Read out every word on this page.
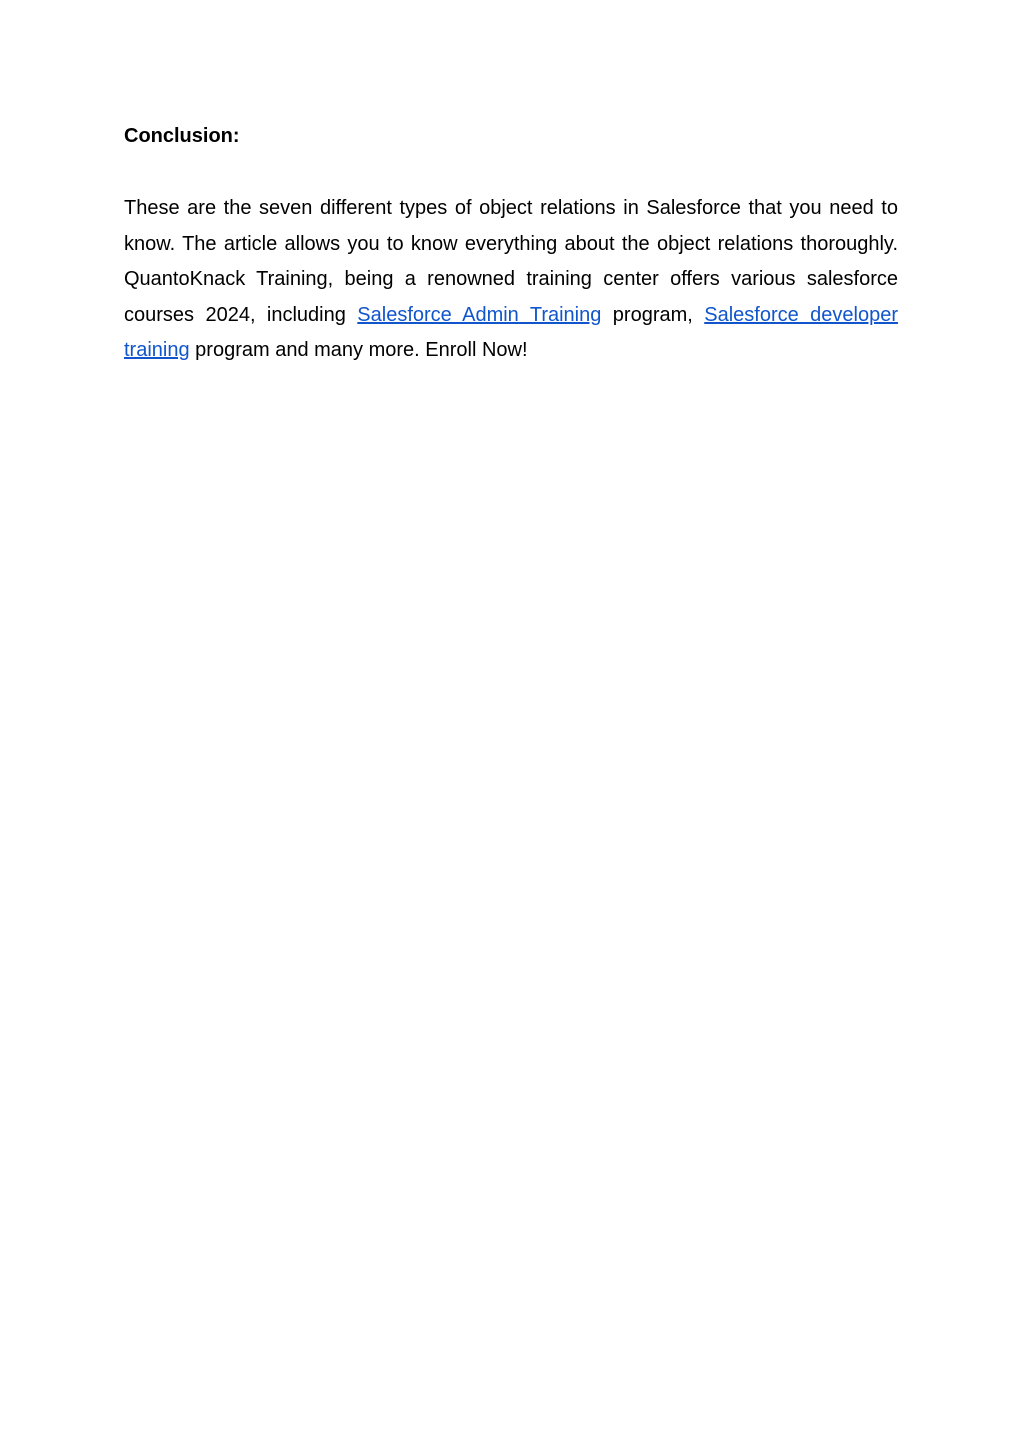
Conclusion:

These are the seven different types of object relations in Salesforce that you need to know. The article allows you to know everything about the object relations thoroughly. QuantoKnack Training, being a renowned training center offers various salesforce courses 2024, including Salesforce Admin Training program, Salesforce developer training program and many more. Enroll Now!
